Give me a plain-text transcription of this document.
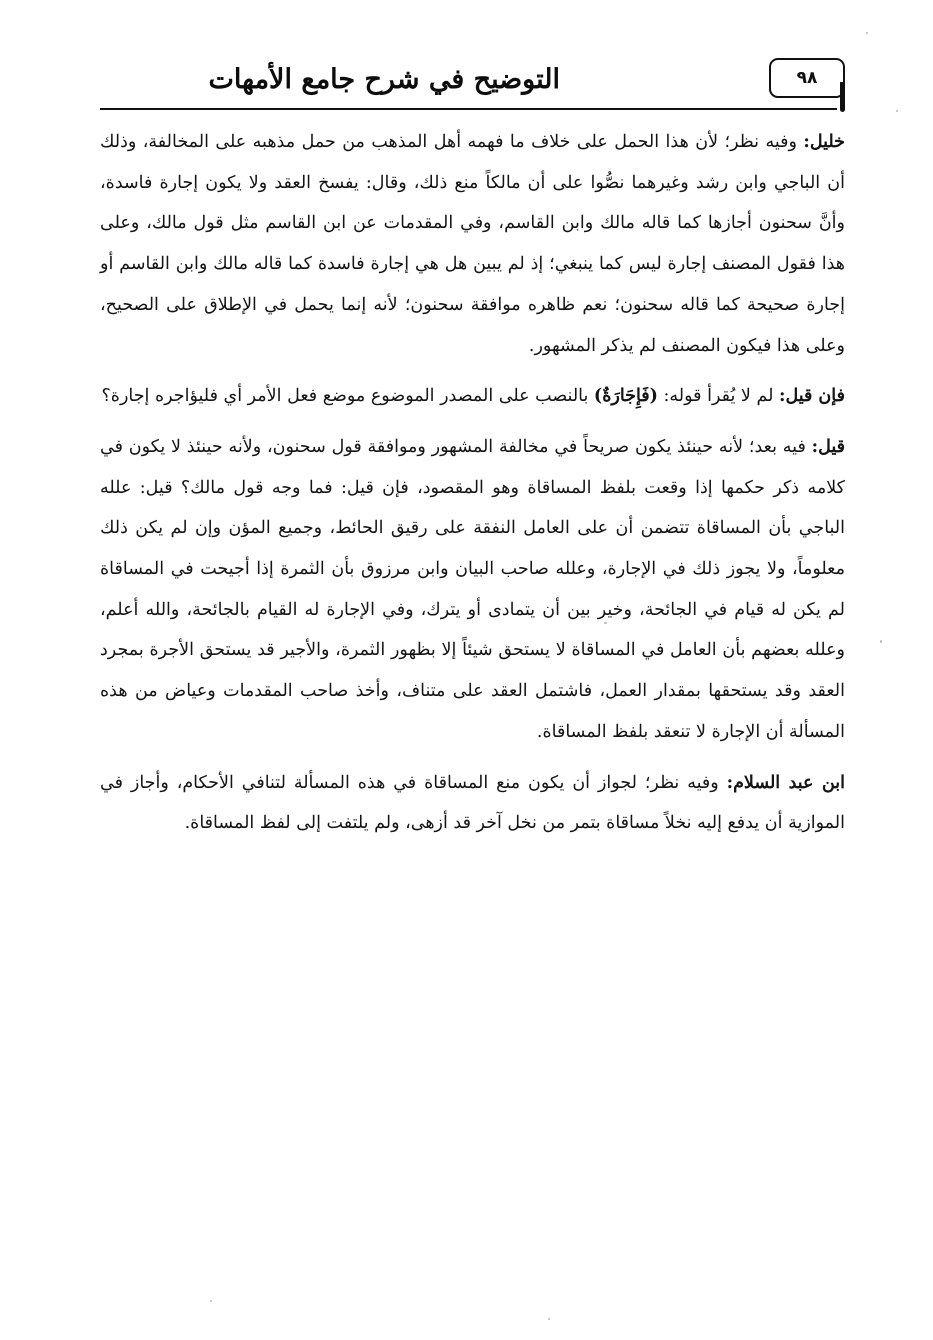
التوضيح في شرح جامع الأمهات	٩٨

خليل: وفيه نظر؛ لأن هذا الحمل على خلاف ما فهمه أهل المذهب من حمل مذهبه على المخالفة، وذلك أن الباجي وابن رشد وغيرهما نصُّوا على أن مالكاً منع ذلك، وقال: يفسخ العقد ولا يكون إجارة فاسدة، وأنَّ سحنون أجازها كما قاله مالك وابن القاسم، وفي المقدمات عن ابن القاسم مثل قول مالك، وعلى هذا فقول المصنف إجارة ليس كما ينبغي؛ إذ لم يبين هل هي إجارة فاسدة كما قاله مالك وابن القاسم أو إجارة صحيحة كما قاله سحنون؛ نعم ظاهره موافقة سحنون؛ لأنه إنما يحمل في الإطلاق على الصحيح، وعلى هذا فيكون المصنف لم يذكر المشهور.

فإن قيل: لم لا يُقرأ قوله: (فَإِجَارَةٌ) بالنصب على المصدر الموضوع موضع فعل الأمر أي فليؤاجره إجارة؟

قيل: فيه بعد؛ لأنه حينئذ يكون صريحاً في مخالفة المشهور وموافقة قول سحنون، ولأنه حينئذ لا يكون في كلامه ذكر حكمها إذا وقعت بلفظ المساقاة وهو المقصود، فإن قيل: فما وجه قول مالك؟ قيل: علله الباجي بأن المساقاة تتضمن أن على العامل النفقة على رقيق الحائط، وجميع المؤن وإن لم يكن ذلك معلوماً، ولا يجوز ذلك في الإجارة، وعلله صاحب البيان وابن مرزوق بأن الثمرة إذا أجيحت في المساقاة لم يكن له قيام في الجائحة، وخير بين أن يتمادى أو يترك، وفي الإجارة له القيام بالجائحة، والله أعلم، وعلله بعضهم بأن العامل في المساقاة لا يستحق شيئاً إلا بظهور الثمرة، والأجير قد يستحق الأجرة بمجرد العقد وقد يستحقها بمقدار العمل، فاشتمل العقد على متناف، وأخذ صاحب المقدمات وعياض من هذه المسألة أن الإجارة لا تنعقد بلفظ المساقاة.

ابن عبد السلام: وفيه نظر؛ لجواز أن يكون منع المساقاة في هذه المسألة لتنافي الأحكام، وأجاز في الموازية أن يدفع إليه نخلاً مساقاة بتمر من نخل آخر قد أزهى، ولم يلتفت إلى لفظ المساقاة.
